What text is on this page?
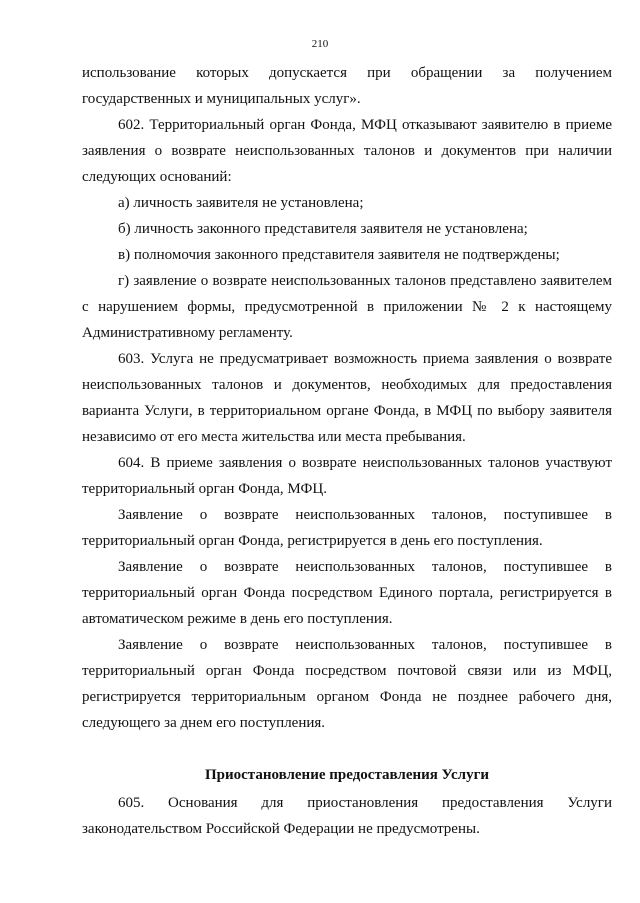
210

использование которых допускается при обращении за получением государственных и муниципальных услуг».

602. Территориальный орган Фонда, МФЦ отказывают заявителю в приеме заявления о возврате неиспользованных талонов и документов при наличии следующих оснований:

а) личность заявителя не установлена;

б) личность законного представителя заявителя не установлена;

в) полномочия законного представителя заявителя не подтверждены;

г) заявление о возврате неиспользованных талонов представлено заявителем с нарушением формы, предусмотренной в приложении № 2 к настоящему Административному регламенту.

603. Услуга не предусматривает возможность приема заявления о возврате неиспользованных талонов и документов, необходимых для предоставления варианта Услуги, в территориальном органе Фонда, в МФЦ по выбору заявителя независимо от его места жительства или места пребывания.

604. В приеме заявления о возврате неиспользованных талонов участвуют территориальный орган Фонда, МФЦ.

Заявление о возврате неиспользованных талонов, поступившее в территориальный орган Фонда, регистрируется в день его поступления.

Заявление о возврате неиспользованных талонов, поступившее в территориальный орган Фонда посредством Единого портала, регистрируется в автоматическом режиме в день его поступления.

Заявление о возврате неиспользованных талонов, поступившее в территориальный орган Фонда посредством почтовой связи или из МФЦ, регистрируется территориальным органом Фонда не позднее рабочего дня, следующего за днем его поступления.

Приостановление предоставления Услуги

605. Основания для приостановления предоставления Услуги законодательством Российской Федерации не предусмотрены.
